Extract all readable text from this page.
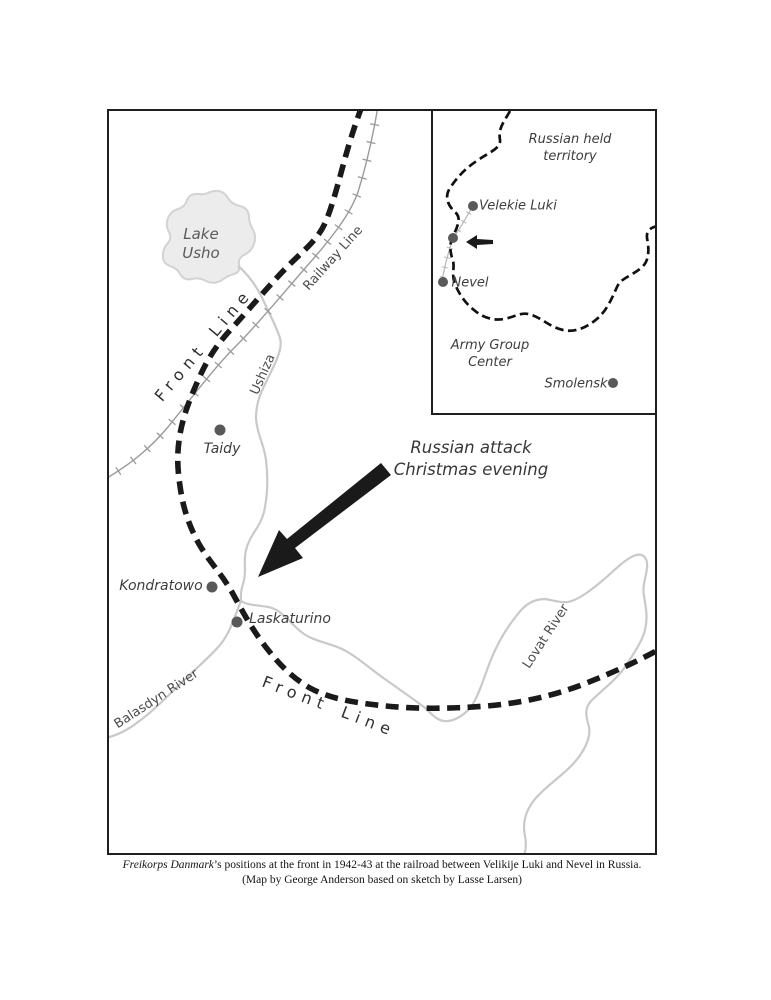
Lake
Usho
Front Line
Railway Line
Ushiza
Taidy	Russian attack
Christmas evening
Kondratowo
Laskaturino
Balasdyn River	Front Line
Lovat River
Russian held
territory
Velekie Luki
Nevel
Army Group
Center
Smolensk
Freikorps Danmark’s positions at the front in 1942-43 at the railroad between Velikije Luki and Nevel in Russia.
(Map by George Anderson based on sketch by Lasse Larsen)
